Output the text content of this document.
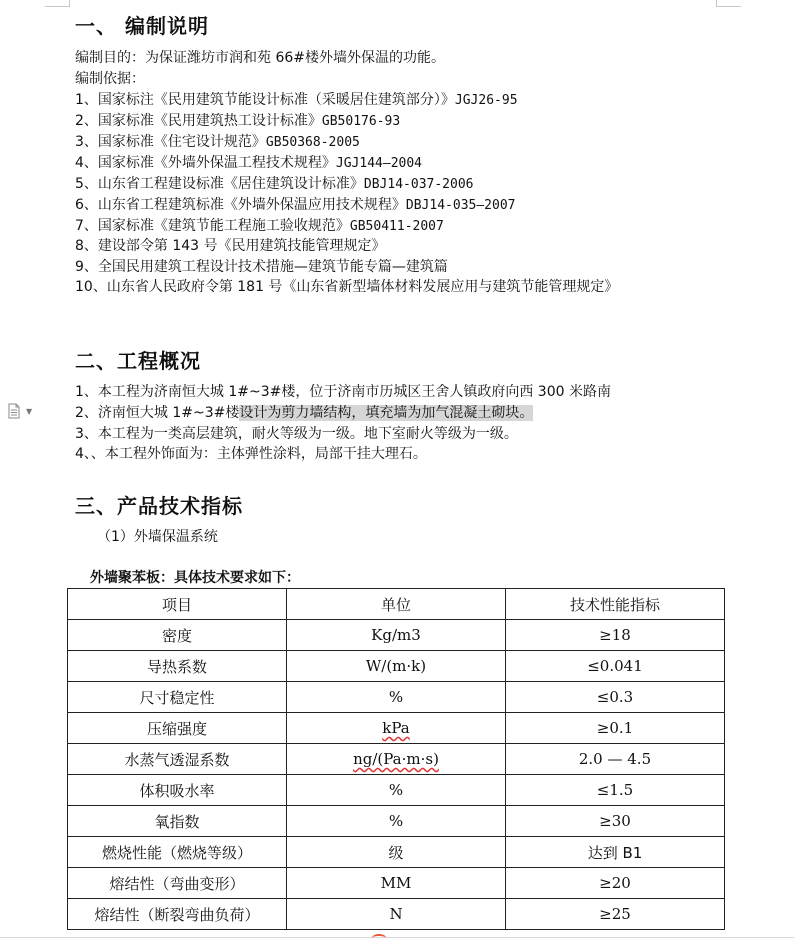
一、 编制说明
编制目的：为保证潍坊市润和苑 66#楼外墙外保温的功能。
编制依据：
1、国家标注《民用建筑节能设计标准（采暖居住建筑部分）》JGJ26-95
2、国家标准《民用建筑热工设计标准》GB50176-93
3、国家标准《住宅设计规范》GB50368-2005
4、国家标准《外墙外保温工程技术规程》JGJ144—2004
5、山东省工程建设标准《居住建筑设计标准》DBJ14-037-2006
6、山东省工程建筑标准《外墙外保温应用技术规程》DBJ14-035—2007
7、国家标准《建筑节能工程施工验收规范》GB50411-2007
8、建设部令第 143 号《民用建筑技能管理规定》
9、全国民用建筑工程设计技术措施—建筑节能专篇—建筑篇
10、山东省人民政府令第 181 号《山东省新型墙体材料发展应用与建筑节能管理规定》
二、工程概况
1、本工程为济南恒大城 1#~3#楼，位于济南市历城区王舍人镇政府向西 300 米路南
2、济南恒大城 1#~3#楼设计为剪力墙结构，填充墙为加气混凝土砌块。
3、本工程为一类高层建筑，耐火等级为一级。地下室耐火等级为一级。
4、、本工程外饰面为：主体弹性涂料，局部干挂大理石。
▼
三、产品技术指标
（1）外墙保温系统
外墙聚苯板：具体技术要求如下：
项目	单位	技术性能指标
密度	Kg/m3	≥18
导热系数	W/(m·k)	≤0.041
尺寸稳定性	%	≤0.3
压缩强度	kPa	≥0.1
水蒸气透湿系数	ng/(Pa·m·s)	2.0 — 4.5
体积吸水率	%	≤1.5
氧指数	%	≥30
燃烧性能（燃烧等级）	级	达到 B1
熔结性（弯曲变形）	MM	≥20
熔结性（断裂弯曲负荷）	N	≥25
